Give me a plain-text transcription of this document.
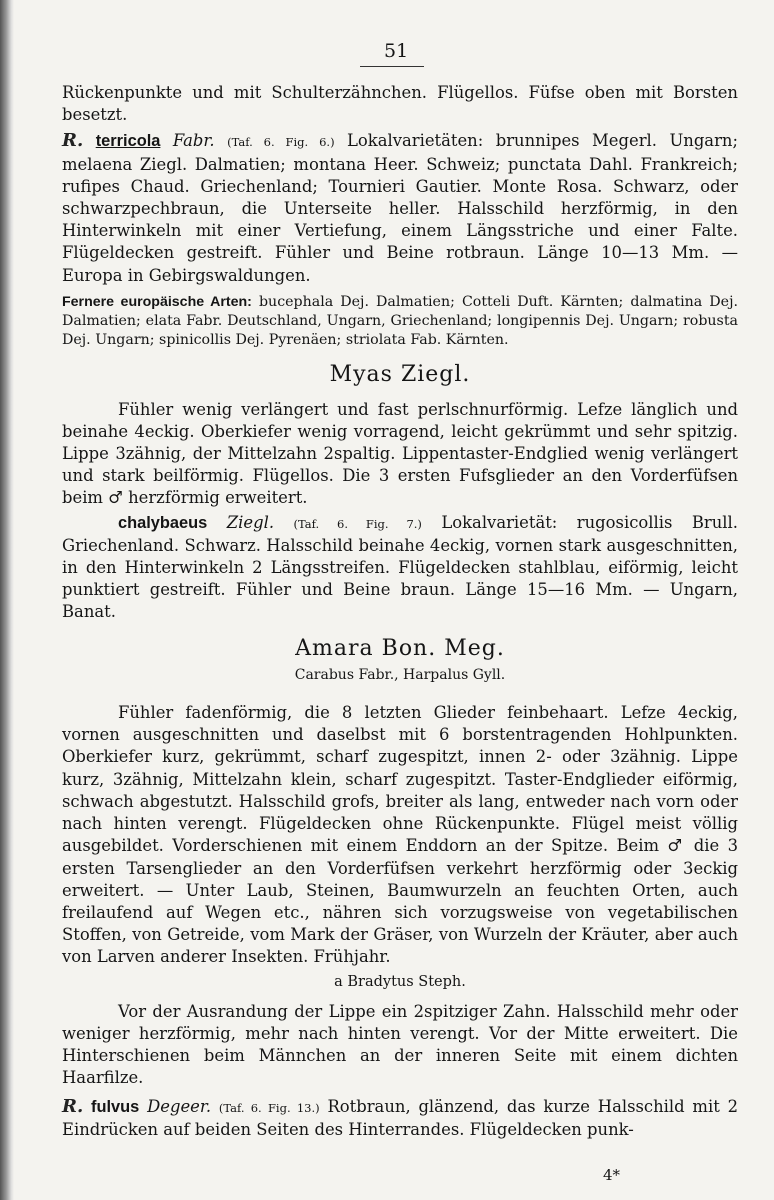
51

Rückenpunkte und mit Schulterzähnchen. Flügellos. Füfse oben mit Borsten besetzt.

R. terricola Fabr. (Taf. 6. Fig. 6.) Lokalvarietäten: brunnipes Megerl. Ungarn; melaena Ziegl. Dalmatien; montana Heer. Schweiz; punctata Dahl. Frankreich; rufipes Chaud. Griechenland; Tournieri Gautier. Monte Rosa. Schwarz, oder schwarzpechbraun, die Unterseite heller. Halsschild herzförmig, in den Hinterwinkeln mit einer Vertiefung, einem Längsstriche und einer Falte. Flügeldecken gestreift. Fühler und Beine rotbraun. Länge 10—13 Mm. — Europa in Gebirgswaldungen.

Fernere europäische Arten: bucephala Dej. Dalmatien; Cotteli Duft. Kärnten; dalmatina Dej. Dalmatien; elata Fabr. Deutschland, Ungarn, Griechenland; longipennis Dej. Ungarn; robusta Dej. Ungarn; spinicollis Dej. Pyrenäen; striolata Fab. Kärnten.

Myas Ziegl.

Fühler wenig verlängert und fast perlschnurförmig. Lefze länglich und beinahe 4eckig. Oberkiefer wenig vorragend, leicht gekrümmt und sehr spitzig. Lippe 3zähnig, der Mittelzahn 2spaltig. Lippentaster-Endglied wenig verlängert und stark beilförmig. Flügellos. Die 3 ersten Fufsglieder an den Vorderfüfsen beim ♂ herzförmig erweitert.

chalybaeus Ziegl. (Taf. 6. Fig. 7.) Lokalvarietät: rugosicollis Brull. Griechenland. Schwarz. Halsschild beinahe 4eckig, vornen stark ausgeschnitten, in den Hinterwinkeln 2 Längsstreifen. Flügeldecken stahlblau, eiförmig, leicht punktiert gestreift. Fühler und Beine braun. Länge 15—16 Mm. — Ungarn, Banat.

Amara Bon. Meg.
Carabus Fabr., Harpalus Gyll.

Fühler fadenförmig, die 8 letzten Glieder feinbehaart. Lefze 4eckig, vornen ausgeschnitten und daselbst mit 6 borstentragenden Hohlpunkten. Oberkiefer kurz, gekrümmt, scharf zugespitzt, innen 2- oder 3zähnig. Lippe kurz, 3zähnig, Mittelzahn klein, scharf zugespitzt. Taster-Endglieder eiförmig, schwach abgestutzt. Halsschild grofs, breiter als lang, entweder nach vorn oder nach hinten verengt. Flügeldecken ohne Rückenpunkte. Flügel meist völlig ausgebildet. Vorderschienen mit einem Enddorn an der Spitze. Beim ♂ die 3 ersten Tarsenglieder an den Vorderfüfsen verkehrt herzförmig oder 3eckig erweitert. — Unter Laub, Steinen, Baumwurzeln an feuchten Orten, auch freilaufend auf Wegen etc., nähren sich vorzugsweise von vegetabilischen Stoffen, von Getreide, vom Mark der Gräser, von Wurzeln der Kräuter, aber auch von Larven anderer Insekten. Frühjahr.

a Bradytus Steph.

Vor der Ausrandung der Lippe ein 2spitziger Zahn. Halsschild mehr oder weniger herzförmig, mehr nach hinten verengt. Vor der Mitte erweitert. Die Hinterschienen beim Männchen an der inneren Seite mit einem dichten Haarfilze.

R. fulvus Degeer. (Taf. 6. Fig. 13.) Rotbraun, glänzend, das kurze Halsschild mit 2 Eindrücken auf beiden Seiten des Hinterrandes. Flügeldecken punk-

4*
